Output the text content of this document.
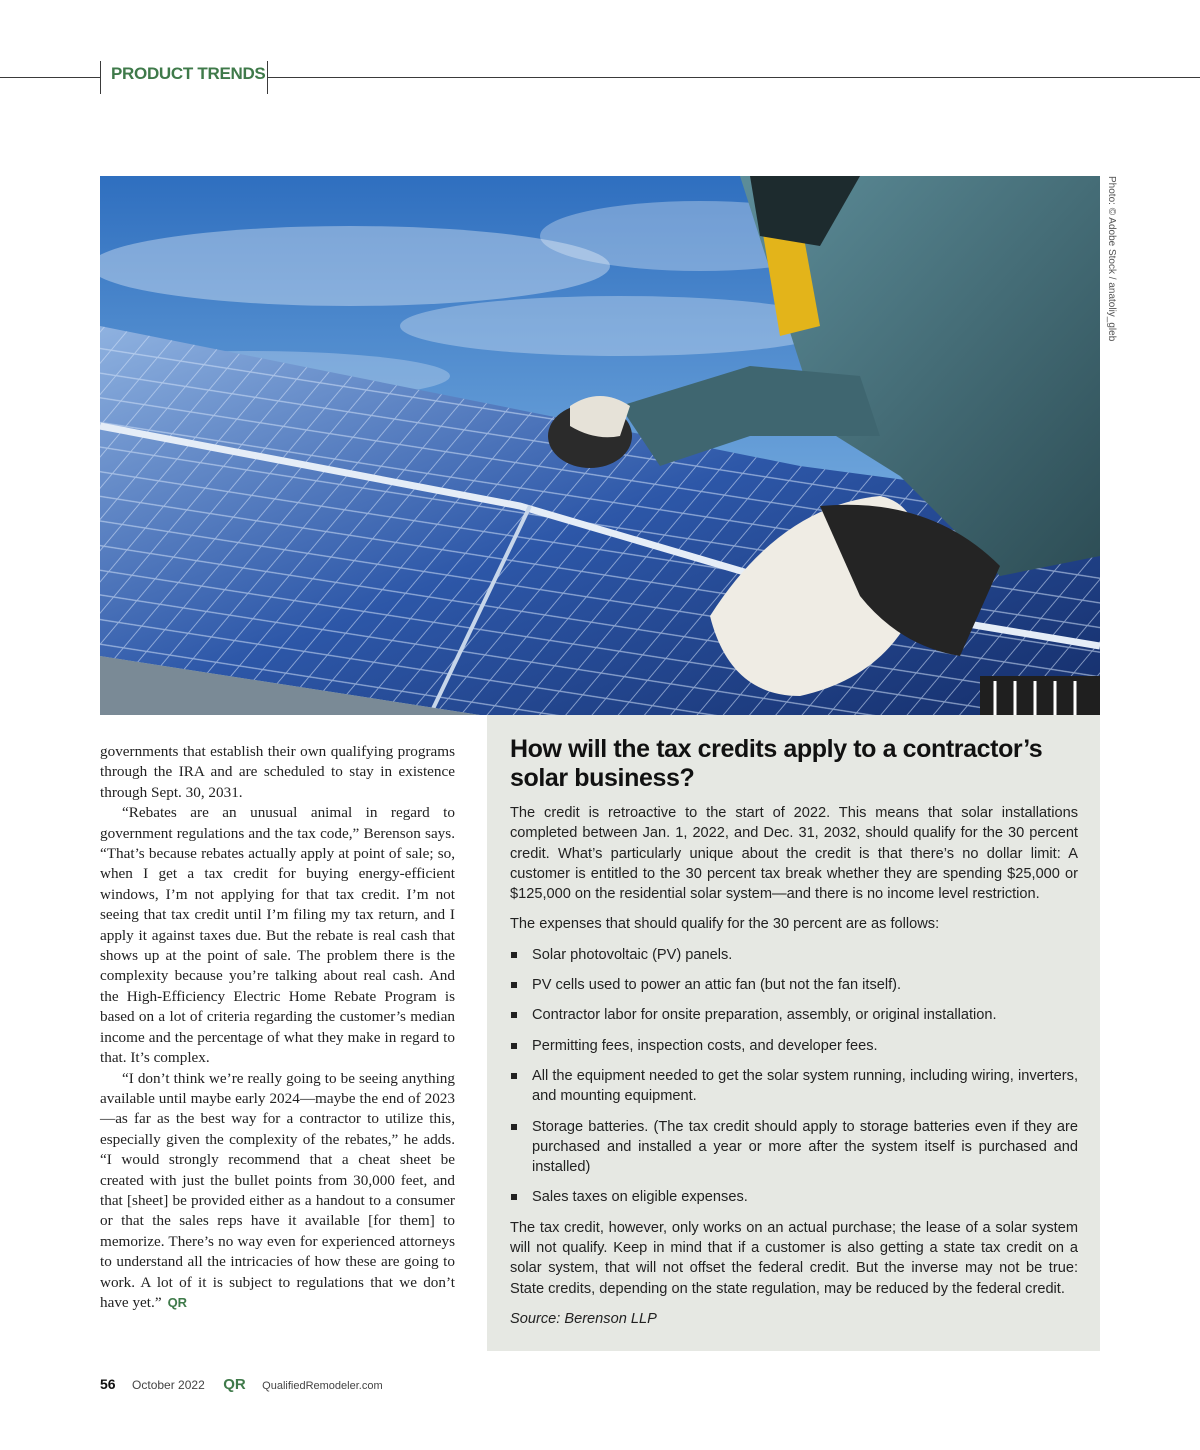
PRODUCT TRENDS
Photo: © Adobe Stock / anatoliy_gleb

governments that establish their own qualifying programs through the IRA and are scheduled to stay in existence through Sept. 30, 2031.

“Rebates are an unusual animal in regard to government regulations and the tax code,” Berenson says. “That’s because rebates actually apply at point of sale; so, when I get a tax credit for buying energy-efficient windows, I’m not applying for that tax credit. I’m not seeing that tax credit until I’m filing my tax return, and I apply it against taxes due. But the rebate is real cash that shows up at the point of sale. The problem there is the complexity because you’re talking about real cash. And the High-Efficiency Electric Home Rebate Program is based on a lot of criteria regarding the customer’s median income and the percentage of what they make in regard to that. It’s complex.

“I don’t think we’re really going to be seeing anything available until maybe early 2024—maybe the end of 2023—as far as the best way for a contractor to utilize this, especially given the complexity of the rebates,” he adds. “I would strongly recommend that a cheat sheet be created with just the bullet points from 30,000 feet, and that [sheet] be provided either as a handout to a consumer or that the sales reps have it available [for them] to memorize. There’s no way even for experienced attorneys to understand all the intricacies of how these are going to work. A lot of it is subject to regulations that we don’t have yet.” QR

How will the tax credits apply to a contractor’s solar business?

The credit is retroactive to the start of 2022. This means that solar installations completed between Jan. 1, 2022, and Dec. 31, 2032, should qualify for the 30 percent credit. What’s particularly unique about the credit is that there’s no dollar limit: A customer is entitled to the 30 percent tax break whether they are spending $25,000 or $125,000 on the residential solar system—and there is no income level restriction.

The expenses that should qualify for the 30 percent are as follows:

Solar photovoltaic (PV) panels.
PV cells used to power an attic fan (but not the fan itself).
Contractor labor for onsite preparation, assembly, or original installation.
Permitting fees, inspection costs, and developer fees.
All the equipment needed to get the solar system running, including wiring, inverters, and mounting equipment.
Storage batteries. (The tax credit should apply to storage batteries even if they are purchased and installed a year or more after the system itself is purchased and installed)
Sales taxes on eligible expenses.

The tax credit, however, only works on an actual purchase; the lease of a solar system will not qualify. Keep in mind that if a customer is also getting a state tax credit on a solar system, that will not offset the federal credit. But the inverse may not be true: State credits, depending on the state regulation, may be reduced by the federal credit.

Source: Berenson LLP

56 October 2022 QR QualifiedRemodeler.com
